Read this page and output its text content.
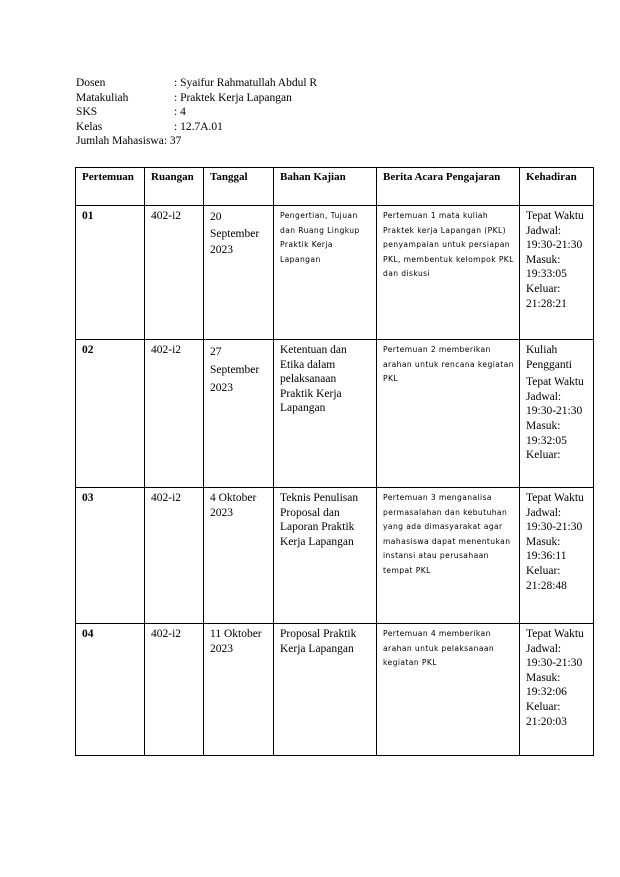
Dosen	: Syaifur Rahmatullah Abdul R
Matakuliah	: Praktek Kerja Lapangan
SKS	: 4
Kelas	: 12.7A.01
Jumlah Mahasiswa : 37
Pertemuan	Ruangan	Tanggal	Bahan Kajian	Berita Acara Pengajaran	Kehadiran
01	402-i2	20 September 2023	Pengertian, Tujuan dan Ruang Lingkup Praktik Kerja Lapangan	Pertemuan 1 mata kuliah Praktek kerja Lapangan (PKL) penyampaian untuk persiapan PKL, membentuk kelompok PKL dan diskusi	Tepat Waktu Jadwal: 19:30-21:30 Masuk: 19:33:05 Keluar: 21:28:21

02	402-i2	27 September 2023	Ketentuan dan Etika dalam pelaksanaan Praktik Kerja Lapangan	Pertemuan 2 memberikan arahan untuk rencana kegiatan PKL	Kuliah Pengganti
Tepat Waktu Jadwal: 19:30-21:30 Masuk: 19:32:05 Keluar:

03	402-i2	4 Oktober 2023	Teknis Penulisan Proposal dan Laporan Praktik Kerja Lapangan	Pertemuan 3 menganalisa permasalahan dan kebutuhan yang ada dimasyarakat agar mahasiswa dapat menentukan instansi atau perusahaan tempat PKL	Tepat Waktu Jadwal: 19:30-21:30 Masuk: 19:36:11 Keluar: 21:28:48

04	402-i2	11 Oktober 2023	Proposal Praktik Kerja Lapangan	Pertemuan 4 memberikan arahan untuk pelaksanaan kegiatan PKL	Tepat Waktu Jadwal: 19:30-21:30 Masuk: 19:32:06 Keluar: 21:20:03
